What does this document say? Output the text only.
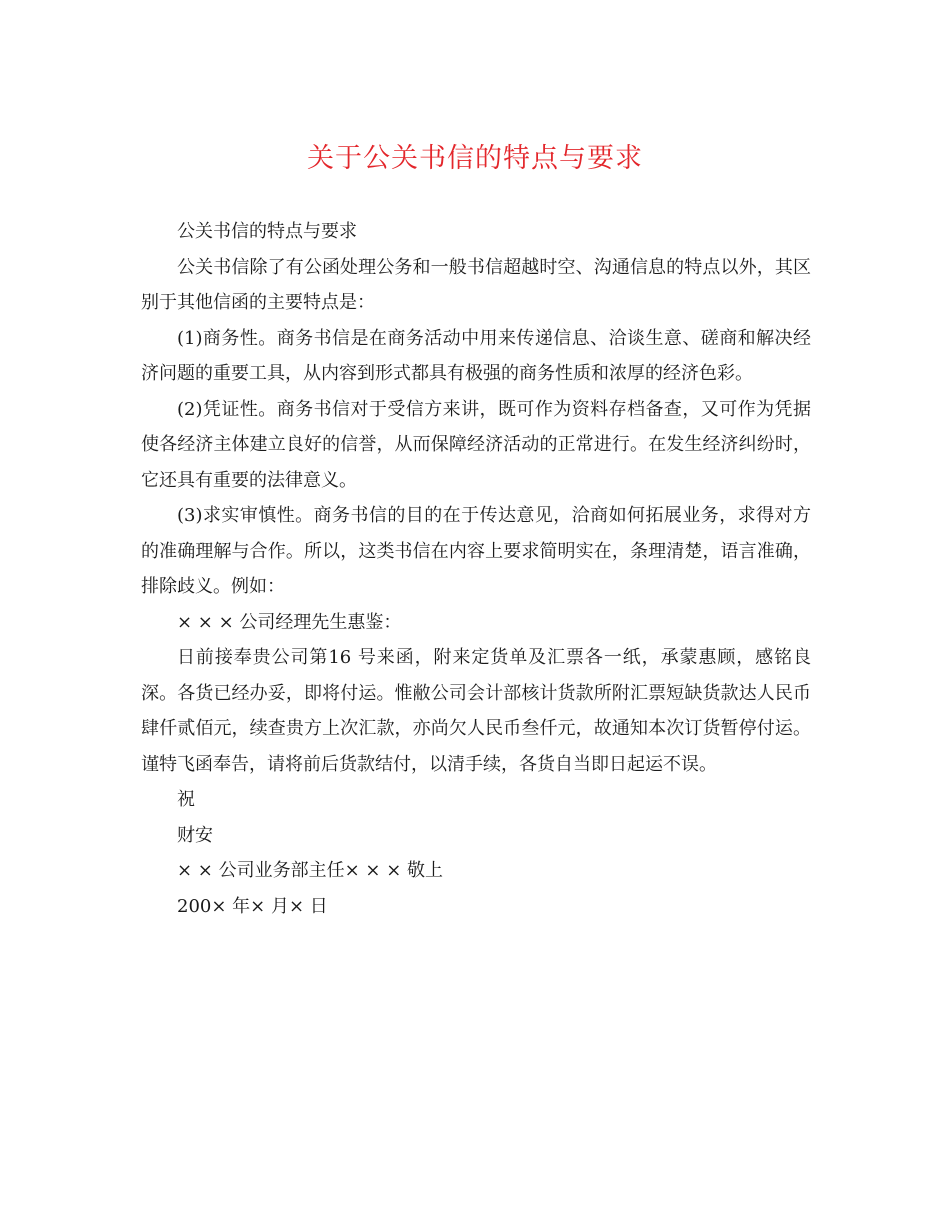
关于公关书信的特点与要求

公关书信的特点与要求

公关书信除了有公函处理公务和一般书信超越时空、沟通信息的特点以外，其区别于其他信函的主要特点是：

(1)商务性。商务书信是在商务活动中用来传递信息、洽谈生意、磋商和解决经济问题的重要工具，从内容到形式都具有极强的商务性质和浓厚的经济色彩。

(2)凭证性。商务书信对于受信方来讲，既可作为资料存档备查，又可作为凭据使各经济主体建立良好的信誉，从而保障经济活动的正常进行。在发生经济纠纷时，它还具有重要的法律意义。

(3)求实审慎性。商务书信的目的在于传达意见，洽商如何拓展业务，求得对方的准确理解与合作。所以，这类书信在内容上要求简明实在，条理清楚，语言准确，排除歧义。例如：

× × × 公司经理先生惠鉴：

日前接奉贵公司第16 号来函，附来定货单及汇票各一纸，承蒙惠顾，感铭良深。各货已经办妥，即将付运。惟敝公司会计部核计货款所附汇票短缺货款达人民币肆仟贰佰元，续查贵方上次汇款，亦尚欠人民币叁仟元，故通知本次订货暂停付运。谨特飞函奉告，请将前后货款结付，以清手续，各货自当即日起运不误。

祝

财安

× × 公司业务部主任× × × 敬上

200× 年× 月× 日
